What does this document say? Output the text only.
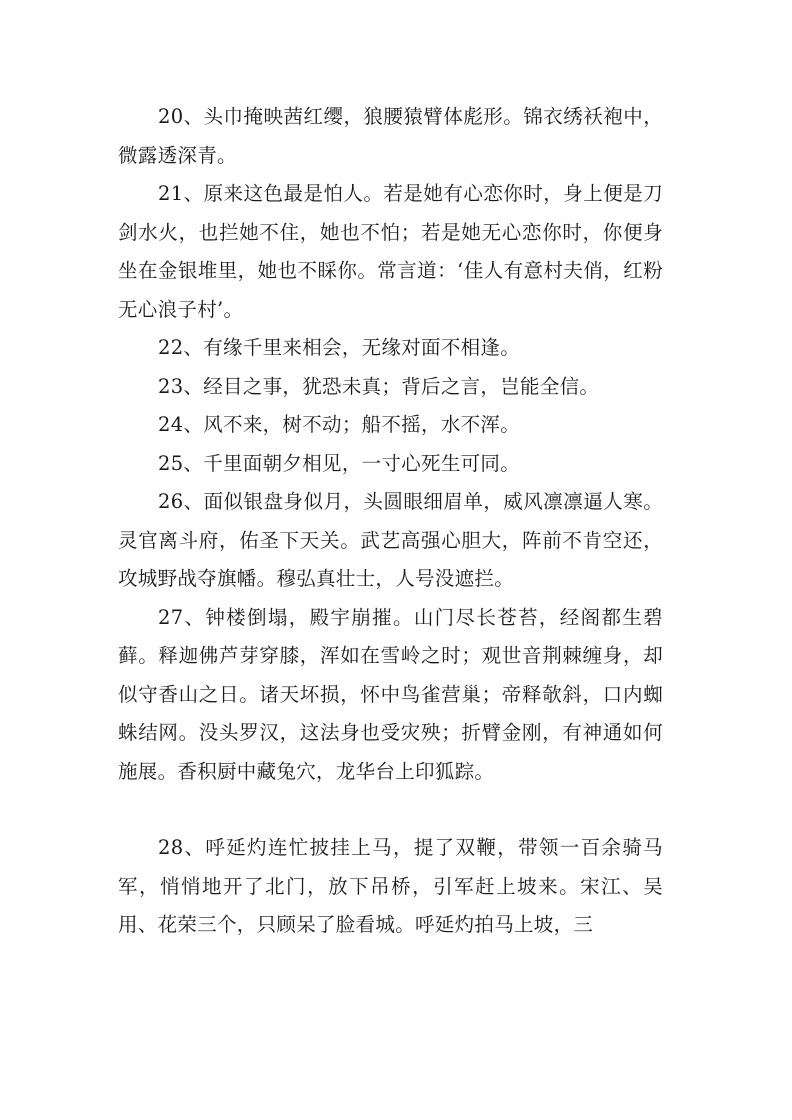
20、头巾掩映茜红缨，狼腰猿臂体彪形。锦衣绣袄袍中，微露透深青。

21、原来这色最是怕人。若是她有心恋你时，身上便是刀剑水火，也拦她不住，她也不怕；若是她无心恋你时，你便身坐在金银堆里，她也不睬你。常言道：‘佳人有意村夫俏，红粉无心浪子村’。

22、有缘千里来相会，无缘对面不相逢。

23、经目之事，犹恐未真；背后之言，岂能全信。

24、风不来，树不动；船不摇，水不浑。

25、千里面朝夕相见，一寸心死生可同。

26、面似银盘身似月，头圆眼细眉单，威风凛凛逼人寒。灵官离斗府，佑圣下天关。武艺高强心胆大，阵前不肯空还，攻城野战夺旗幡。穆弘真壮士，人号没遮拦。

27、钟楼倒塌，殿宇崩摧。山门尽长苍苔，经阁都生碧藓。释迦佛芦芽穿膝，浑如在雪岭之时；观世音荆棘缠身，却似守香山之日。诸天坏损，怀中鸟雀营巢；帝释欹斜，口内蜘蛛结网。没头罗汉，这法身也受灾殃；折臂金刚，有神通如何施展。香积厨中藏兔穴，龙华台上印狐踪。

28、呼延灼连忙披挂上马，提了双鞭，带领一百余骑马军，悄悄地开了北门，放下吊桥，引军赶上坡来。宋江、吴用、花荣三个，只顾呆了脸看城。呼延灼拍马上坡，三
